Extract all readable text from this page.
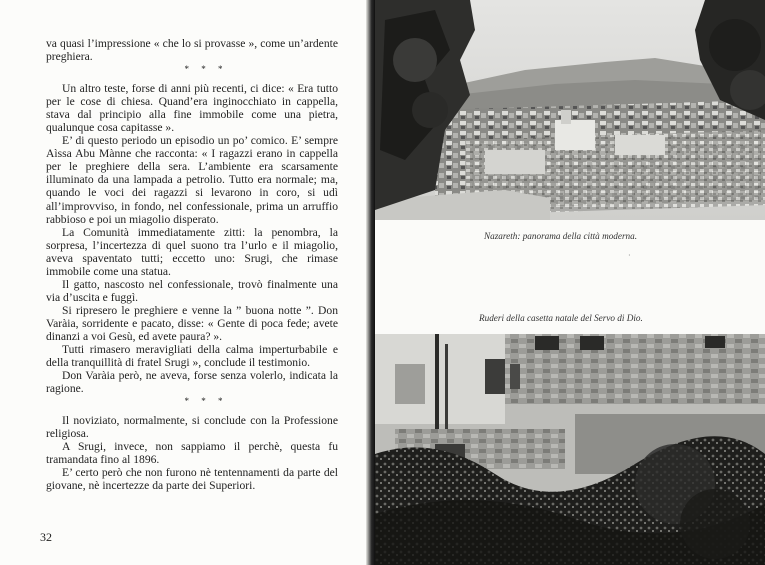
va quasi l’impressione « che lo si provasse », come un’ardente preghiera.

* * *

Un altro teste, forse di anni più recenti, ci dice: « Era tutto per le cose di chiesa. Quand’era inginocchiato in cappella, stava dal principio alla fine immobile come una pietra, qualunque cosa capitasse ».

E’ di questo periodo un episodio un po’ comico. E’ sempre Aìssa Abu Mànne che racconta: « I ragazzi erano in cappella per le preghiere della sera. L’ambiente era scarsamente illuminato da una lampada a petrolio. Tutto era normale; ma, quando le voci dei ragazzi si levarono in coro, si udì all’improvviso, in fondo, nel confessionale, prima un arruffio rabbioso e poi un miagolio disperato.

La Comunità immediatamente zitti: la penombra, la sorpresa, l’incertezza di quel suono tra l’urlo e il miagolio, aveva spaventato tutti; eccetto uno: Srugi, che rimase immobile come una statua.

Il gatto, nascosto nel confessionale, trovò finalmente una via d’uscita e fuggì.

Si ripresero le preghiere e venne la ” buona notte ”. Don Varàia, sorridente e pacato, disse: « Gente di poca fede; avete dinanzi a voi Gesù, ed avete paura? ».

Tutti rimasero meravigliati della calma imperturbabile e della tranquillità di fratel Srugi », conclude il testimonio.

Don Varàia però, ne aveva, forse senza volerlo, indicata la ragione.

* * *

Il noviziato, normalmente, si conclude con la Professione religiosa.

A Srugi, invece, non sappiamo il perchè, questa fu tramandata fino al 1896.

E’ certo però che non furono nè tentennamenti da parte del giovane, nè incertezze da parte dei Superiori.

32
Nazareth: panorama della città moderna.
·
Ruderi della casetta natale del Servo di Dio.
